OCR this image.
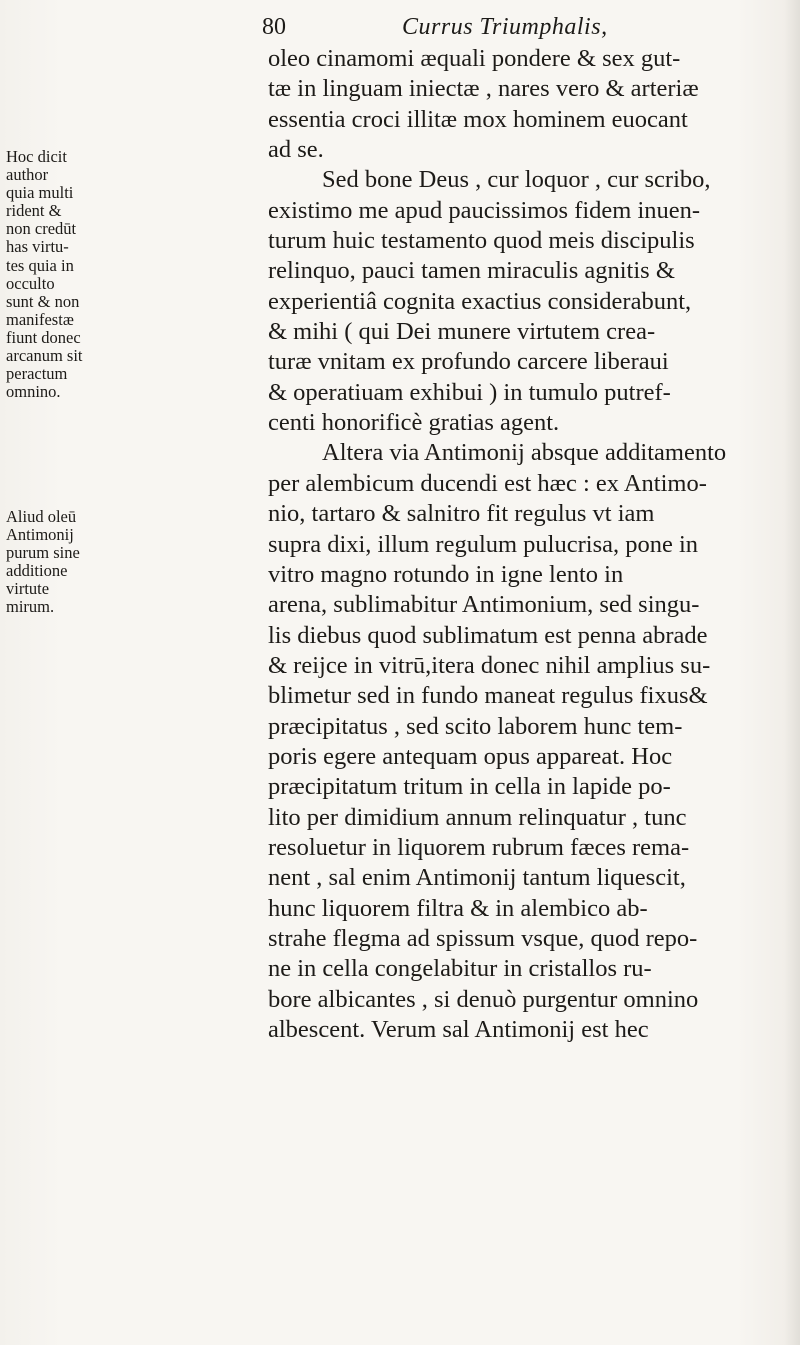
80	Currus Triumphalis,
oleo cinamomi æquali pondere & sex gut-
tæ in linguam iniectæ , nares vero & arteriæ
essentia croci illitæ mox hominem euocant
ad se.
Sed bone Deus , cur loquor , cur scribo,
existimo me apud paucissimos fidem inuen-
turum huic testamento quod meis discipulis
relinquo, pauci tamen miraculis agnitis &
experientiâ cognita exactius considerabunt,
& mihi ( qui Dei munere virtutem crea-
turæ vnitam ex profundo carcere liberaui
& operatiuam exhibui ) in tumulo putref-
centi honorificè gratias agent.
Altera via Antimonij absque additamento
per alembicum ducendi est hæc : ex Antimo-
nio, tartaro & salnitro fit regulus vt iam
supra dixi, illum regulum pulucrisa, pone in
vitro magno rotundo in igne lento in
arena, sublimabitur Antimonium, sed singu-
lis diebus quod sublimatum est penna abrade
& reijce in vitrū,itera donec nihil amplius su-
blimetur sed in fundo maneat regulus fixus&
præcipitatus , sed scito laborem hunc tem-
poris egere antequam opus appareat. Hoc
præcipitatum tritum in cella in lapide po-
lito per dimidium annum relinquatur , tunc
resoluetur in liquorem rubrum fæces rema-
nent , sal enim Antimonij tantum liquescit,
hunc liquorem filtra & in alembico ab-
strahe flegma ad spissum vsque, quod repo-
ne in cella congelabitur in cristallos ru-
bore albicantes , si denuò purgentur omnino
albescent. Verum sal Antimonij est hec
Hoc dicit
author
quia multi
rident &
non credūt
has virtu-
tes quia in
occulto
sunt & non
manifestæ
fiunt donec
arcanum sit
peractum
omnino.
Aliud oleū
Antimonij
purum sine
additione
virtute
mirum.
